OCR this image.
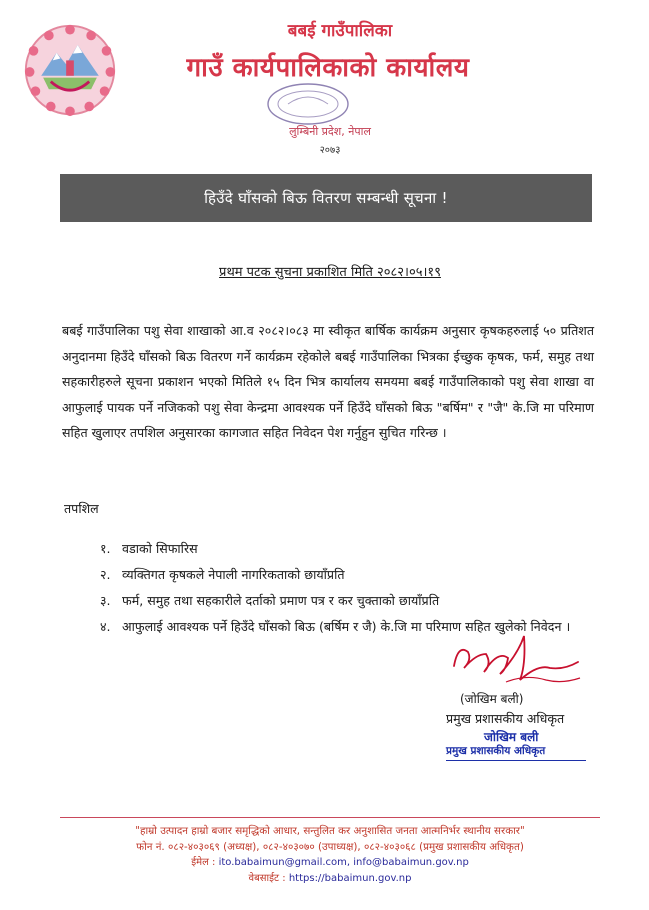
बबई गाउँपालिका
गाउँ कार्यपालिकाको कार्यालय
लुम्बिनी प्रदेश, नेपाल
२०७३
हिउँदे घाँसको बिऊ वितरण सम्बन्धी सूचना !
प्रथम पटक सुचना प्रकाशित मिति २०८२।०५।१९
बबई गाउँपालिका पशु सेवा शाखाको आ.व २०८२।०८३ मा स्वीकृत बार्षिक कार्यक्रम अनुसार कृषकहरुलाई ५० प्रतिशत अनुदानमा हिउँदे घाँसको बिऊ वितरण गर्ने कार्यक्रम रहेकोले बबई गाउँपालिका भित्रका ईच्छुक कृषक, फर्म, समुह तथा सहकारीहरुले सूचना प्रकाशन भएको मितिले १५ दिन भित्र कार्यालय समयमा बबई गाउँपालिकाको पशु सेवा शाखा वा आफुलाई पायक पर्ने नजिकको पशु सेवा केन्द्रमा आवश्यक पर्ने हिउँदे घाँसको बिऊ "बर्षिम" र "जै" के.जि मा परिमाण सहित खुलाएर तपशिल अनुसारका कागजात सहित निवेदन पेश गर्नुहुन सुचित गरिन्छ ।
तपशिल
१. वडाको सिफारिस
२. व्यक्तिगत कृषकले नेपाली नागरिकताको छायाँप्रति
३. फर्म, समुह तथा सहकारीले दर्ताको प्रमाण पत्र र कर चुक्ताको छायाँप्रति
४. आफुलाई आवश्यक पर्ने हिउँदे घाँसको बिऊ (बर्षिम र जै) के.जि मा परिमाण सहित खुलेको निवेदन ।
(जोखिम बली)
प्रमुख प्रशासकीय अधिकृत
जोखिम बली
प्रमुख प्रशासकीय अधिकृत
"हाम्रो उत्पादन हाम्रो बजार समृद्धिको आधार, सन्तुलित कर अनुशासित जनता आत्मनिर्भर स्थानीय सरकार"
फोन नं. ०८२-४०३०६९ (अध्यक्ष), ०८२-४०३०७० (उपाध्यक्ष), ०८२-४०३०६८ (प्रमुख प्रशासकीय अधिकृत)
ईमेल : ito.babaimun@gmail.com, info@babaimun.gov.np
वेबसाईट : https://babaimun.gov.np
